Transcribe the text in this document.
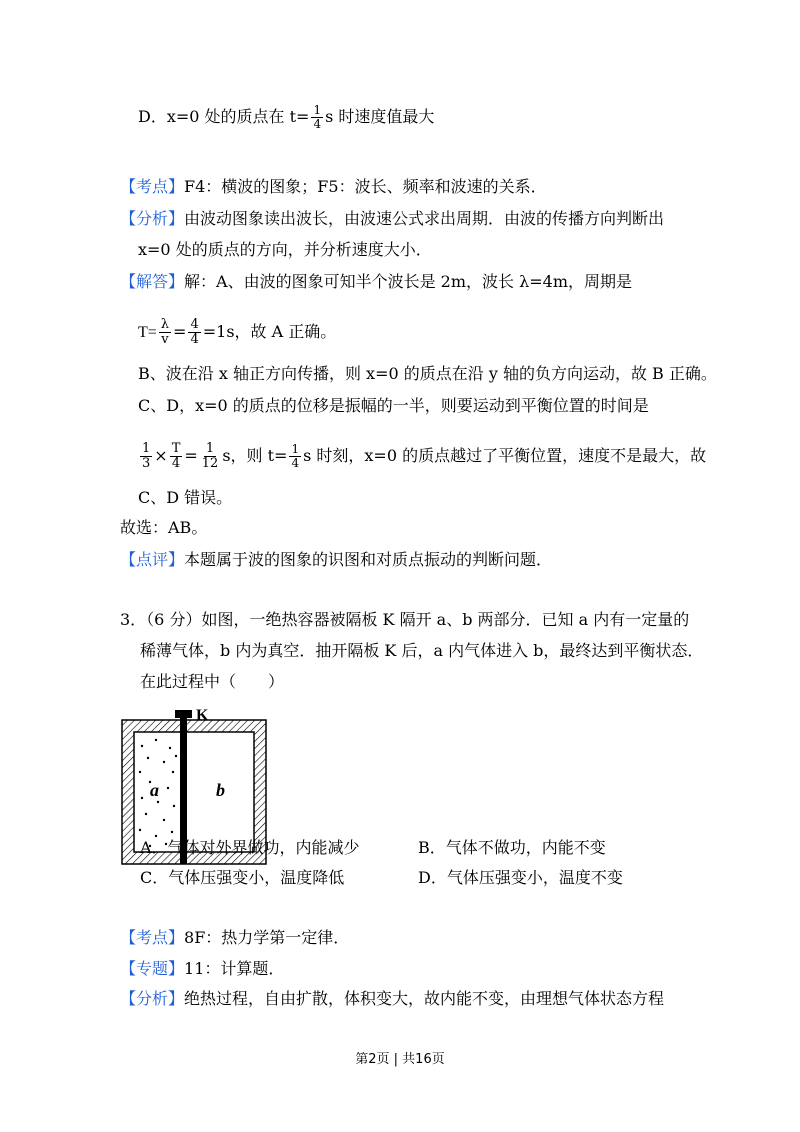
D．x=0 处的质点在 $t= \frac{1}{4}$ s 时速度值最大
【考点】F4：横波的图象；F5：波长、频率和波速的关系．
【分析】由波动图象读出波长，由波速公式求出周期．由波的传播方向判断出
x=0 处的质点的方向，并分析速度大小．
【解答】解：A、由波的图象可知半个波长是 2m，波长 λ=4m，周期是
$T= \frac{\lambda}{v} = \frac{4}{4} =1s$，故 A 正确。
B、波在沿 x 轴正方向传播，则 x=0 的质点在沿 y 轴的负方向运动，故 B 正确。
C、D，x=0 的质点的位移是振幅的一半，则要运动到平衡位置的时间是
$\frac{1}{3} \times \frac{T}{4} = \frac{1}{12}$ s，则 $t= \frac{1}{4}$ s 时刻，x=0 的质点越过了平衡位置，速度不是最大，故
C、D 错误。
故选：AB。
【点评】本题属于波的图象的识图和对质点振动的判断问题．
3．（6 分）如图，一绝热容器被隔板 K 隔开 a、b 两部分．已知 a 内有一定量的
稀薄气体，b 内为真空．抽开隔板 K 后，a 内气体进入 b，最终达到平衡状态．
在此过程中（　　）
K
a	b
A．气体对外界做功，内能减少	B．气体不做功，内能不变
C．气体压强变小，温度降低	D．气体压强变小，温度不变
【考点】8F：热力学第一定律．
【专题】11：计算题．
【分析】绝热过程，自由扩散，体积变大，故内能不变，由理想气体状态方程
第2页 | 共16页
